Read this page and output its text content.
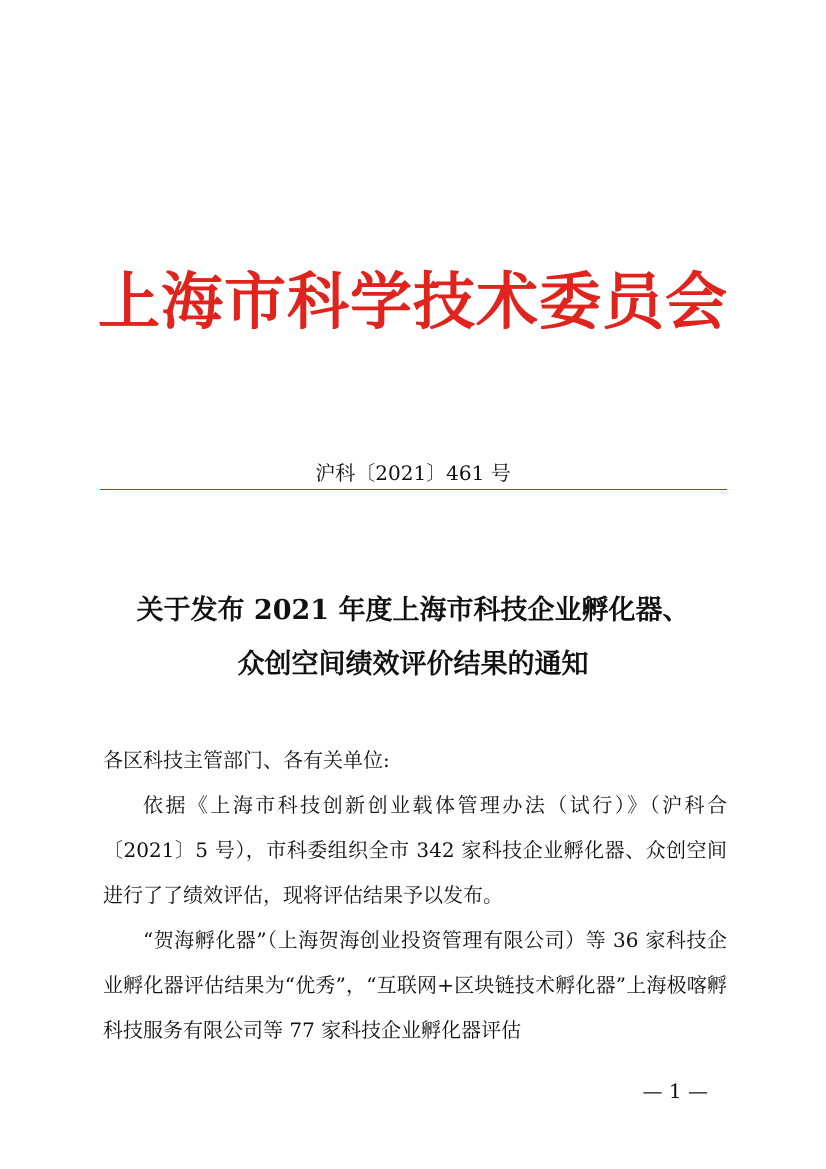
上海市科学技术委员会
沪科〔2021〕461 号
关于发布 2021 年度上海市科技企业孵化器、
众创空间绩效评价结果的通知

各区科技主管部门、各有关单位:

依据《上海市科技创新创业载体管理办法（试行）》（沪科合〔2021〕5 号），市科委组织全市 342 家科技企业孵化器、众创空间进行了了绩效评估，现将评估结果予以发布。

“贺海孵化器”（上海贺海创业投资管理有限公司）等 36 家科技企业孵化器评估结果为“优秀”，“互联网+区块链技术孵化器”上海极喀孵科技服务有限公司等 77 家科技企业孵化器评估

— 1 —
